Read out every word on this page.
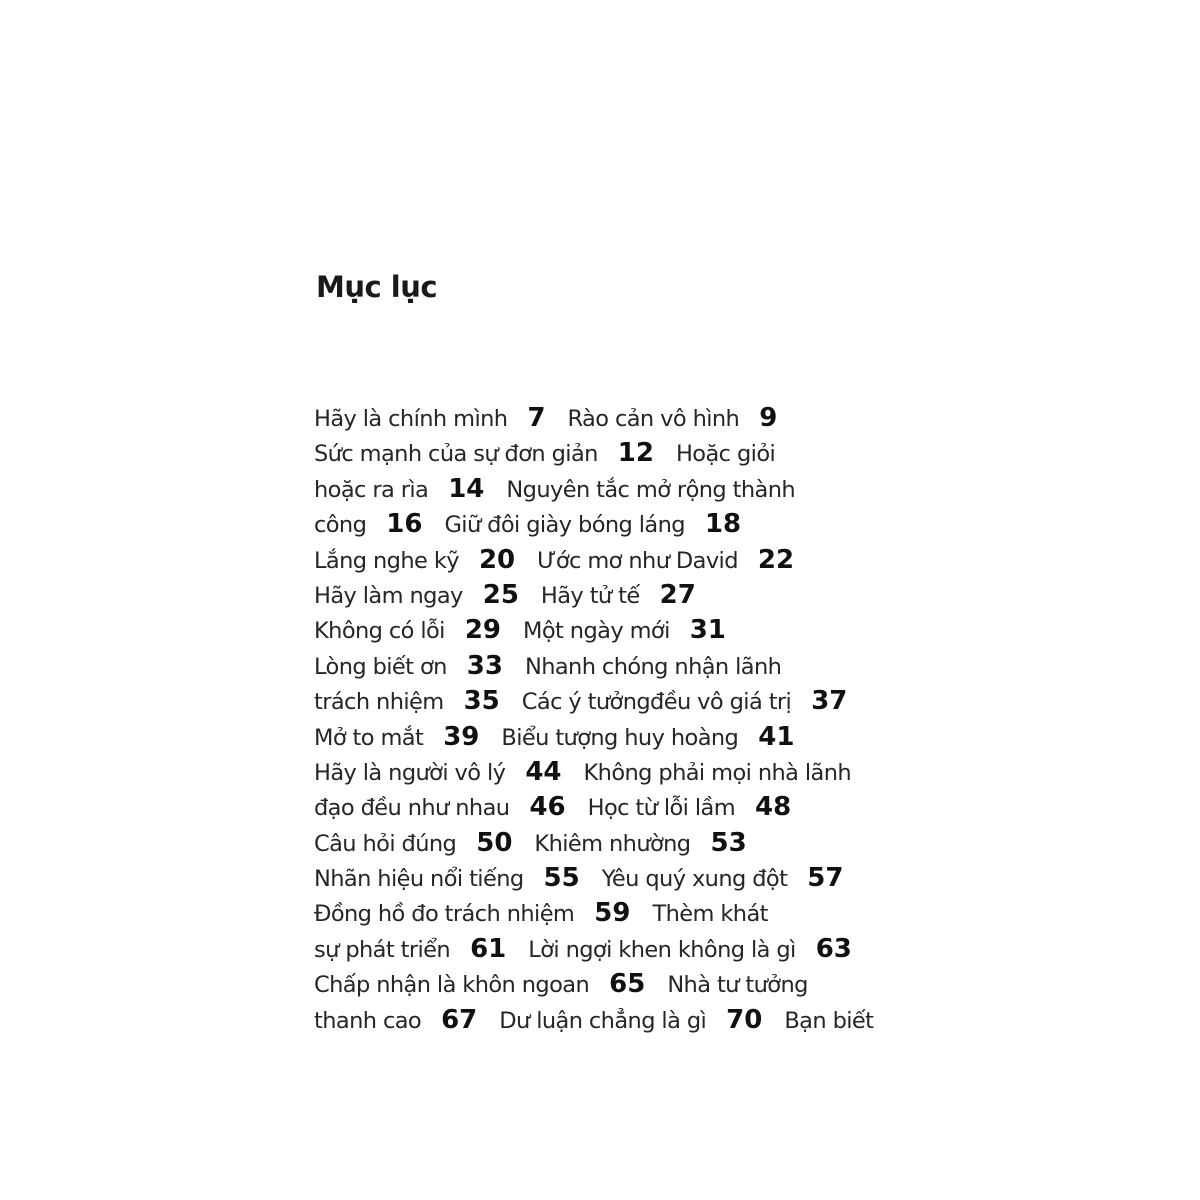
Mục lục
Hãy là chính mình 7 Rào cản vô hình 9
Sức mạnh của sự đơn giản 12 Hoặc giỏi
hoặc ra rìa 14 Nguyên tắc mở rộng thành
công 16 Giữ đôi giày bóng láng 18
Lắng nghe kỹ 20 Ước mơ như David 22
Hãy làm ngay 25 Hãy tử tế 27
Không có lỗi 29 Một ngày mới 31
Lòng biết ơn 33 Nhanh chóng nhận lãnh
trách nhiệm 35 Các ý tưởngđều vô giá trị 37
Mở to mắt 39 Biểu tượng huy hoàng 41
Hãy là người vô lý 44 Không phải mọi nhà lãnh
đạo đều như nhau 46 Học từ lỗi lầm 48
Câu hỏi đúng 50 Khiêm nhường 53
Nhãn hiệu nổi tiếng 55 Yêu quý xung đột 57
Đồng hồ đo trách nhiệm 59 Thèm khát
sự phát triển 61 Lời ngợi khen không là gì 63
Chấp nhận là khôn ngoan 65 Nhà tư tưởng
thanh cao 67 Dư luận chẳng là gì 70 Bạn biết
